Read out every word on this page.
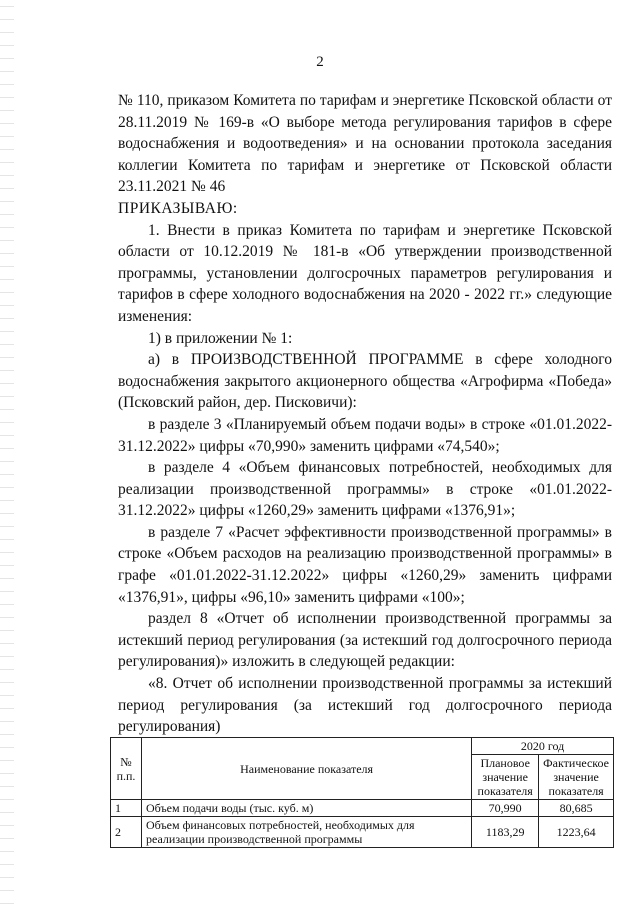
2

№ 110, приказом Комитета по тарифам и энергетике Псковской области от 28.11.2019 № 169-в «О выборе метода регулирования тарифов в сфере водоснабжения и водоотведения» и на основании протокола заседания коллегии Комитета по тарифам и энергетике от Псковской области 23.11.2021 № 46

ПРИКАЗЫВАЮ:

1. Внести в приказ Комитета по тарифам и энергетике Псковской области от 10.12.2019 № 181-в «Об утверждении производственной программы, установлении долгосрочных параметров регулирования и тарифов в сфере холодного водоснабжения на 2020 - 2022 гг.» следующие изменения:

1) в приложении № 1:

а) в ПРОИЗВОДСТВЕННОЙ ПРОГРАММЕ в сфере холодного водоснабжения закрытого акционерного общества «Агрофирма «Победа» (Псковский район, дер. Писковичи):

в разделе 3 «Планируемый объем подачи воды» в строке «01.01.2022-31.12.2022» цифры «70,990» заменить цифрами «74,540»;

в разделе 4 «Объем финансовых потребностей, необходимых для реализации производственной программы» в строке «01.01.2022-31.12.2022» цифры «1260,29» заменить цифрами «1376,91»;

в разделе 7 «Расчет эффективности производственной программы» в строке «Объем расходов на реализацию производственной программы» в графе «01.01.2022-31.12.2022» цифры «1260,29» заменить цифрами «1376,91», цифры «96,10» заменить цифрами «100»;

раздел 8 «Отчет об исполнении производственной программы за истекший период регулирования (за истекший год долгосрочного периода регулирования)» изложить в следующей редакции:

«8. Отчет об исполнении производственной программы за истекший период регулирования (за истекший год долгосрочного периода регулирования)

№ п.п.	Наименование показателя	2020 год	
		Плановое значение показателя	Фактическое значение показателя
1	Объем подачи воды (тыс. куб. м)	70,990	80,685
2	Объем финансовых потребностей, необходимых для реализации производственной программы	1183,29	1223,64
